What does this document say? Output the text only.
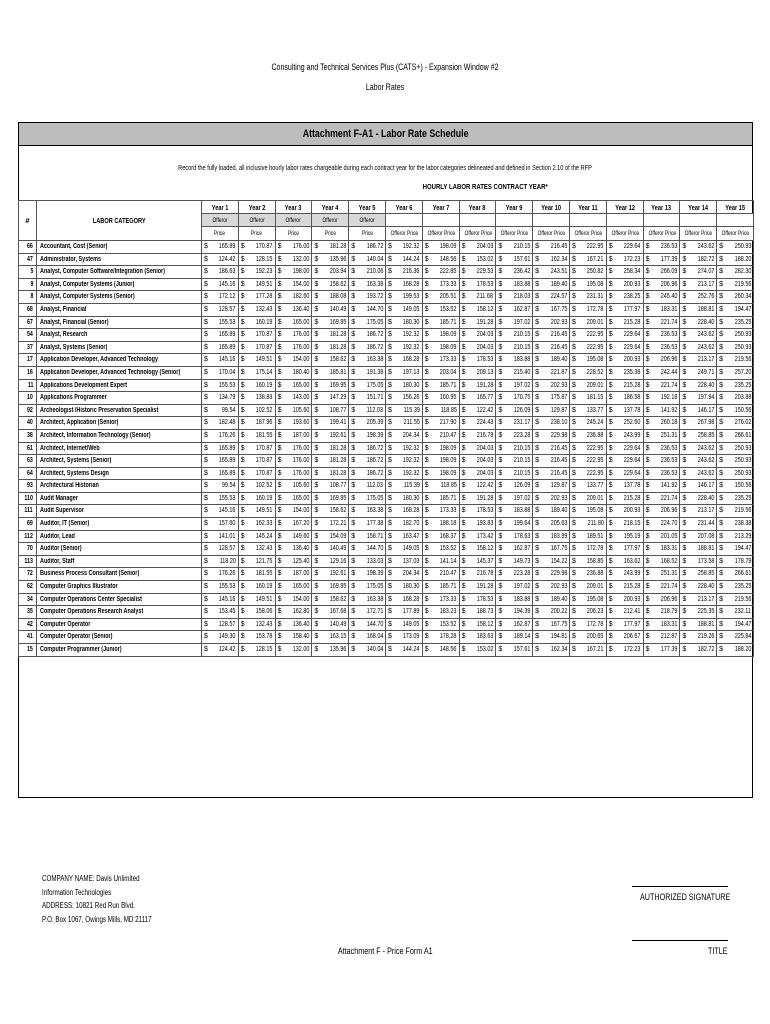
Consulting and Technical Services Plus (CATS+) - Expansion Window #2
Labor Rates
Attachment F-A1 - Labor Rate Schedule
Record the fully loaded, all inclusive hourly labor rates chargeable during each contract year for the labor categories delineated and defined in Section 2.10 of the RFP
HOURLY LABOR RATES CONTRACT YEAR*
#	LABOR CATEGORY	Year 1	Year 2	Year 3	Year 4	Year 5	Year 6	Year 7	Year 8	Year 9	Year 10	Year 11	Year 12	Year 13	Year 14	Year 15
		Offeror	Offeror	Offeror	Offeror	Offeror										
		Price	Price	Price	Price	Price	Offeror Price	Offeror Price	Offeror Price	Offeror Price	Offeror Price	Offeror Price	Offeror Price	Offeror Price	Offeror Price	Offeror Price
66	Accountant, Cost (Senior)	$ 165.89	$ 170.87	$ 176.00	$ 181.28	$ 186.72	$ 192.32	$ 198.09	$ 204.03	$ 210.15	$ 216.45	$ 222.95	$ 229.64	$ 236.53	$ 243.62	$ 250.93

47	Administrator, Systems	$ 124.42	$ 128.15	$ 132.00	$ 135.96	$ 140.04	$ 144.24	$ 148.56	$ 153.02	$ 157.61	$ 162.34	$ 167.21	$ 172.23	$ 177.39	$ 182.72	$ 188.20

5	Analyst, Computer Software/Integration (Senior)	$ 186.63	$ 192.23	$ 198.00	$ 203.94	$ 210.06	$ 216.36	$ 222.85	$ 229.53	$ 236.42	$ 243.51	$ 250.82	$ 258.34	$ 266.09	$ 274.07	$ 282.30

9	Analyst, Computer Systems (Junior)	$ 145.16	$ 149.51	$ 154.00	$ 158.62	$ 163.38	$ 168.28	$ 173.33	$ 178.53	$ 183.88	$ 189.40	$ 195.08	$ 200.93	$ 206.96	$ 213.17	$ 219.56

8	Analyst, Computer Systems (Senior)	$ 172.12	$ 177.28	$ 182.60	$ 188.08	$ 193.72	$ 199.53	$ 205.51	$ 211.68	$ 218.03	$ 224.57	$ 231.31	$ 238.25	$ 245.40	$ 252.76	$ 260.34

68	Analyst, Financial	$ 128.57	$ 132.43	$ 136.40	$ 140.49	$ 144.70	$ 149.05	$ 153.52	$ 158.12	$ 162.87	$ 167.75	$ 172.78	$ 177.97	$ 183.31	$ 188.81	$ 194.47

67	Analyst, Financial (Senior)	$ 155.53	$ 160.19	$ 165.00	$ 169.95	$ 175.05	$ 180.30	$ 185.71	$ 191.28	$ 197.02	$ 202.93	$ 209.01	$ 215.28	$ 221.74	$ 228.40	$ 235.25

54	Analyst, Research	$ 165.89	$ 170.87	$ 176.00	$ 181.28	$ 186.72	$ 192.32	$ 198.09	$ 204.03	$ 210.15	$ 216.45	$ 222.95	$ 229.64	$ 236.53	$ 243.62	$ 250.93

37	Analyst, Systems (Senior)	$ 165.89	$ 170.87	$ 176.00	$ 181.28	$ 186.72	$ 192.32	$ 198.09	$ 204.03	$ 210.15	$ 216.45	$ 222.95	$ 229.64	$ 236.53	$ 243.62	$ 250.93

17	Application Developer, Advanced Technology	$ 145.16	$ 149.51	$ 154.00	$ 158.62	$ 163.38	$ 168.28	$ 173.33	$ 178.53	$ 183.88	$ 189.40	$ 195.08	$ 200.93	$ 206.96	$ 213.17	$ 219.56

16	Application Developer, Advanced Technology (Senior)	$ 170.04	$ 175.14	$ 180.40	$ 185.81	$ 191.38	$ 197.13	$ 203.04	$ 209.13	$ 215.40	$ 221.87	$ 228.52	$ 235.38	$ 242.44	$ 249.71	$ 257.20

11	Applications Development Expert	$ 155.53	$ 160.19	$ 165.00	$ 169.95	$ 175.05	$ 180.30	$ 185.71	$ 191.28	$ 197.02	$ 202.93	$ 209.01	$ 215.28	$ 221.74	$ 228.40	$ 235.25

10	Applications Programmer	$ 134.79	$ 138.83	$ 143.00	$ 147.29	$ 151.71	$ 156.26	$ 160.95	$ 165.77	$ 170.75	$ 175.87	$ 181.15	$ 186.58	$ 192.18	$ 197.94	$ 203.88

92	Archeologist /Historic Preservation Specialist	$ 99.54	$ 102.52	$ 105.60	$ 108.77	$ 112.03	$ 115.39	$ 118.85	$ 122.42	$ 126.09	$ 129.87	$ 133.77	$ 137.78	$ 141.92	$ 146.17	$ 150.56

40	Architect, Application (Senior)	$ 182.48	$ 187.96	$ 193.60	$ 199.41	$ 205.39	$ 211.55	$ 217.90	$ 224.43	$ 231.17	$ 238.10	$ 245.24	$ 252.60	$ 260.18	$ 267.98	$ 276.02

38	Architect, Information Technology (Senior)	$ 176.26	$ 181.55	$ 187.00	$ 192.61	$ 198.39	$ 204.34	$ 210.47	$ 216.78	$ 223.28	$ 229.98	$ 236.88	$ 243.99	$ 251.31	$ 258.85	$ 266.61

61	Architect, Internet/Web	$ 165.89	$ 170.87	$ 176.00	$ 181.28	$ 186.72	$ 192.32	$ 198.09	$ 204.03	$ 210.15	$ 216.45	$ 222.95	$ 229.64	$ 236.53	$ 243.62	$ 250.93

63	Architect, Systems (Senior)	$ 165.89	$ 170.87	$ 176.00	$ 181.28	$ 186.72	$ 192.32	$ 198.09	$ 204.03	$ 210.15	$ 216.45	$ 222.95	$ 229.64	$ 236.53	$ 243.62	$ 250.93

64	Architect, Systems Design	$ 165.89	$ 170.87	$ 176.00	$ 181.28	$ 186.72	$ 192.32	$ 198.09	$ 204.03	$ 210.15	$ 216.45	$ 222.95	$ 229.64	$ 236.53	$ 243.62	$ 250.93

93	Architectural Historian	$ 99.54	$ 102.52	$ 105.60	$ 108.77	$ 112.03	$ 115.39	$ 118.85	$ 122.42	$ 126.09	$ 129.87	$ 133.77	$ 137.78	$ 141.92	$ 146.17	$ 150.56

110	Audit Manager	$ 155.53	$ 160.19	$ 165.00	$ 169.95	$ 175.05	$ 180.30	$ 185.71	$ 191.28	$ 197.02	$ 202.93	$ 209.01	$ 215.28	$ 221.74	$ 228.40	$ 235.25

111	Audit Supervisor	$ 145.16	$ 149.51	$ 154.00	$ 158.62	$ 163.38	$ 168.28	$ 173.33	$ 178.53	$ 183.88	$ 189.40	$ 195.08	$ 200.93	$ 206.96	$ 213.17	$ 219.56

69	Auditor, IT (Senior)	$ 157.60	$ 162.33	$ 167.20	$ 172.21	$ 177.38	$ 182.70	$ 188.18	$ 193.83	$ 199.64	$ 205.63	$ 211.80	$ 218.15	$ 224.70	$ 231.44	$ 238.38

112	Auditor, Lead	$ 141.01	$ 145.24	$ 149.60	$ 154.09	$ 158.71	$ 163.47	$ 168.37	$ 173.42	$ 178.63	$ 183.99	$ 189.51	$ 195.19	$ 201.05	$ 207.08	$ 213.29

70	Auditor (Senior)	$ 128.57	$ 132.43	$ 136.40	$ 140.49	$ 144.70	$ 149.05	$ 153.52	$ 158.12	$ 162.87	$ 167.75	$ 172.78	$ 177.97	$ 183.31	$ 188.81	$ 194.47

113	Auditor, Staff	$ 118.20	$ 121.75	$ 125.40	$ 129.16	$ 133.03	$ 137.03	$ 141.14	$ 145.37	$ 149.73	$ 154.22	$ 158.85	$ 163.62	$ 168.52	$ 173.58	$ 178.79

72	Business Process Consultant (Senior)	$ 176.26	$ 181.55	$ 187.00	$ 192.61	$ 198.39	$ 204.34	$ 210.47	$ 216.78	$ 223.28	$ 229.98	$ 236.88	$ 243.99	$ 251.31	$ 258.85	$ 266.61

62	Computer Graphics Illustrator	$ 155.53	$ 160.19	$ 165.00	$ 169.95	$ 175.05	$ 180.30	$ 185.71	$ 191.28	$ 197.02	$ 202.93	$ 209.01	$ 215.28	$ 221.74	$ 228.40	$ 235.25

34	Computer Operations Center Specialist	$ 145.16	$ 149.51	$ 154.00	$ 158.62	$ 163.38	$ 168.28	$ 173.33	$ 178.53	$ 183.88	$ 189.40	$ 195.08	$ 200.93	$ 206.96	$ 213.17	$ 219.56

35	Computer Operations Research Analyst	$ 153.45	$ 158.06	$ 162.80	$ 167.68	$ 172.71	$ 177.89	$ 183.23	$ 188.73	$ 194.39	$ 200.22	$ 206.23	$ 212.41	$ 218.79	$ 225.35	$ 232.11

42	Computer Operator	$ 128.57	$ 132.43	$ 136.40	$ 140.49	$ 144.70	$ 149.05	$ 153.52	$ 158.12	$ 162.87	$ 167.75	$ 172.78	$ 177.97	$ 183.31	$ 188.81	$ 194.47

41	Computer Operator (Senior)	$ 149.30	$ 153.78	$ 158.40	$ 163.15	$ 168.04	$ 173.09	$ 178.28	$ 183.63	$ 189.14	$ 194.81	$ 200.65	$ 206.67	$ 212.87	$ 219.26	$ 225.84

15	Computer Programmer (Junior)	$ 124.42	$ 128.15	$ 132.00	$ 135.96	$ 140.04	$ 144.24	$ 148.56	$ 153.02	$ 157.61	$ 162.34	$ 167.21	$ 172.23	$ 177.39	$ 182.72	$ 188.20
COMPANY NAME: Davis Unlimited
Information Technologies
ADDRESS: 10821 Red Run Blvd.
P.O. Box 1067, Owings Mills, MD 21117
AUTHORIZED SIGNATURE
TITLE
Attachment F - Price Form A1
